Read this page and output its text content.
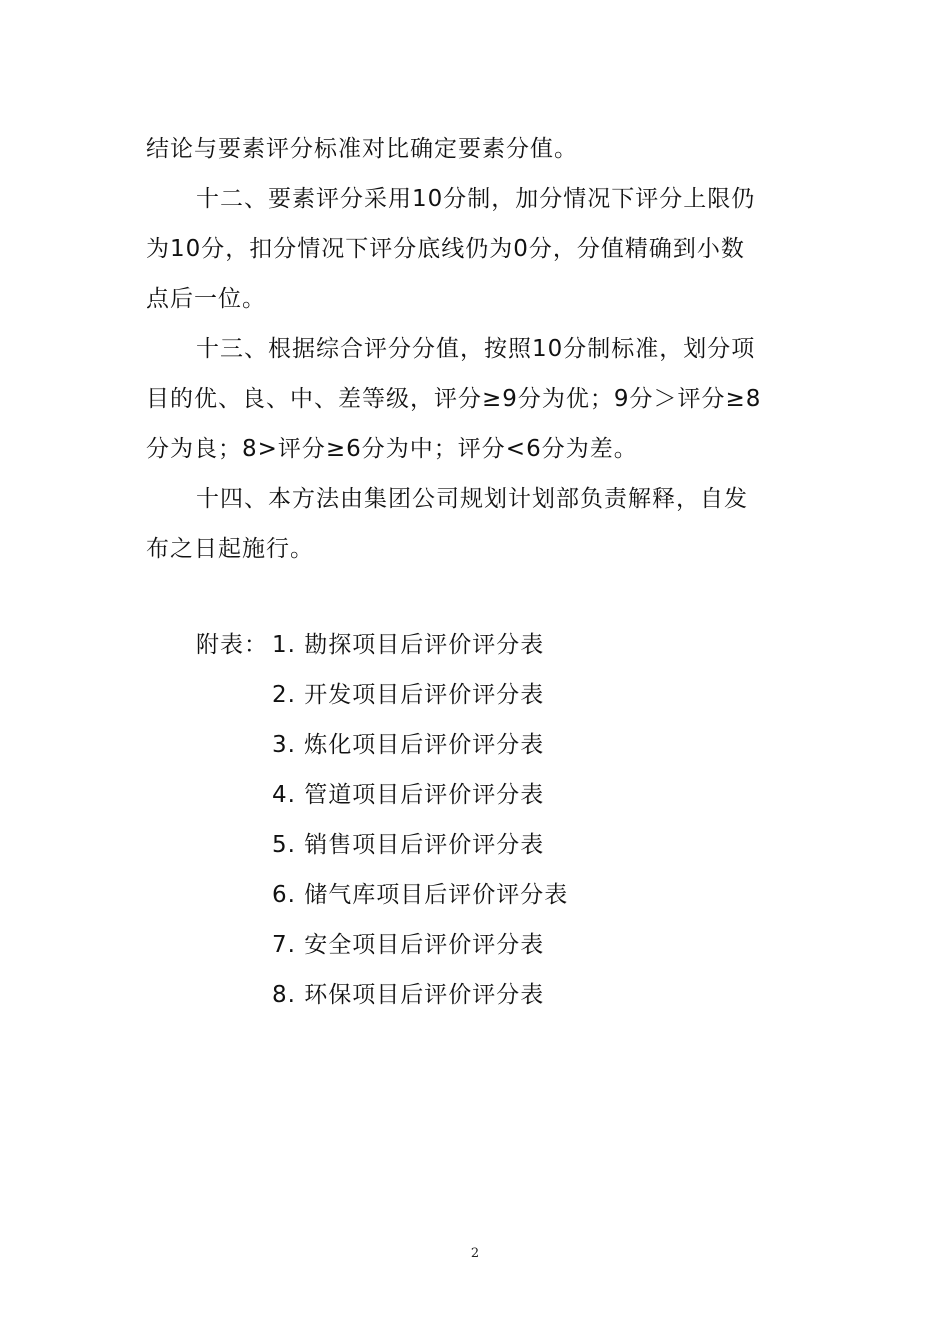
结论与要素评分标准对比确定要素分值。

十二、要素评分采用10分制，加分情况下评分上限仍
为10分，扣分情况下评分底线仍为0分，分值精确到小数
点后一位。

十三、根据综合评分分值，按照10分制标准，划分项
目的优、良、中、差等级，评分≥9分为优；9分＞评分≥8
分为良；8>评分≥6分为中；评分<6分为差。

十四、本方法由集团公司规划计划部负责解释，自发
布之日起施行。

附表： 1. 勘探项目后评价评分表
2. 开发项目后评价评分表
3. 炼化项目后评价评分表
4. 管道项目后评价评分表
5. 销售项目后评价评分表
6. 储气库项目后评价评分表
7. 安全项目后评价评分表
8. 环保项目后评价评分表
2
